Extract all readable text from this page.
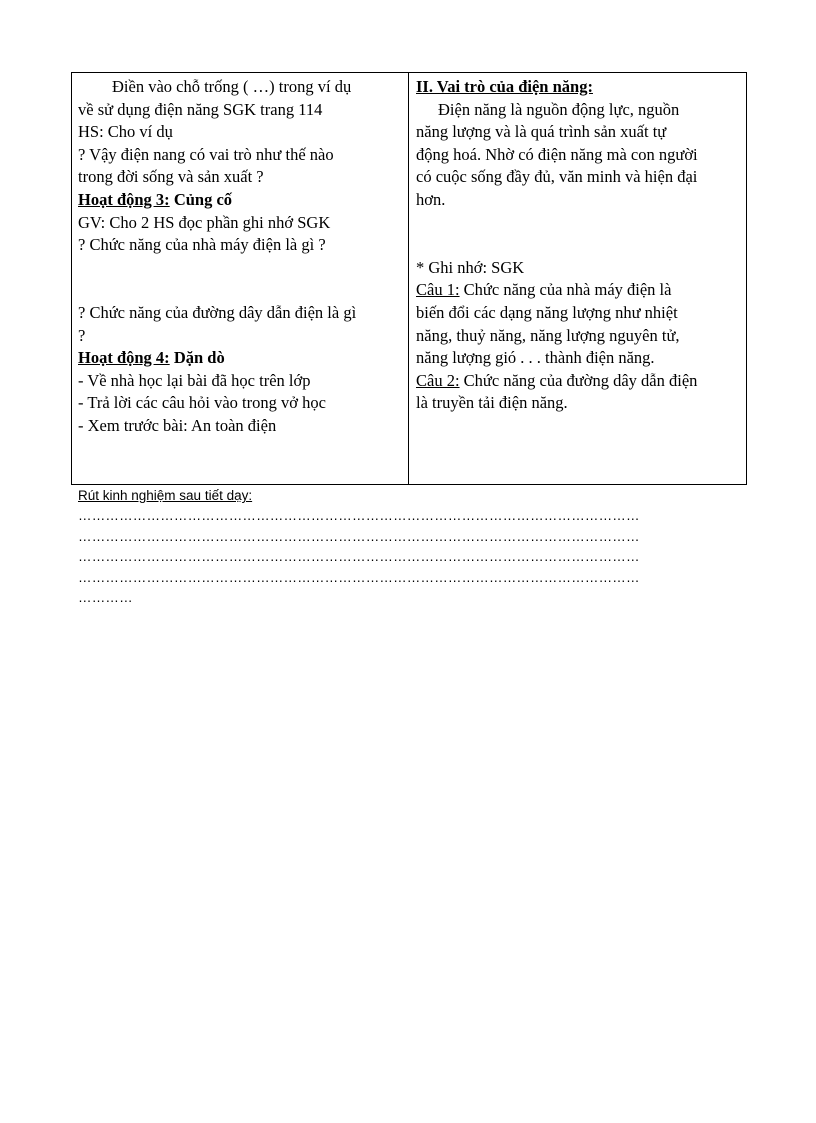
Điền vào chỗ trống ( …) trong ví dụ
về sử dụng điện năng SGK trang 114
HS: Cho ví dụ
? Vậy điện nang có vai trò như thế nào
trong đời sống và sản xuất ?
Hoạt động 3: Củng cố
GV: Cho 2 HS đọc phần ghi nhớ SGK
? Chức năng của nhà máy điện là gì ?
? Chức năng của đường dây dẫn điện là gì
?
Hoạt động 4: Dặn dò
- Về nhà học lại bài đã học trên lớp
- Trả lời các câu hỏi vào trong vở học
- Xem trước bài: An toàn điện
II. Vai trò của điện năng:
Điện năng là nguồn động lực, nguồn
năng lượng và là quá trình sản xuất tự
động hoá. Nhờ có điện năng mà con người
có cuộc sống đầy đủ, văn minh và hiện đại
hơn.
* Ghi nhớ: SGK
Câu 1: Chức năng của nhà máy điện là
biến đổi các dạng năng lượng như nhiệt
năng, thuỷ năng, năng lượng nguyên tử,
năng lượng gió . . . thành điện năng.
Câu 2: Chức năng của đường dây dẫn điện
là truyền tải điện năng.
Rút kinh nghiệm sau tiết dạy:
……………………………………………………………………………………………………………
……………………………………………………………………………………………………………
……………………………………………………………………………………………………………
……………………………………………………………………………………………………………
…………
